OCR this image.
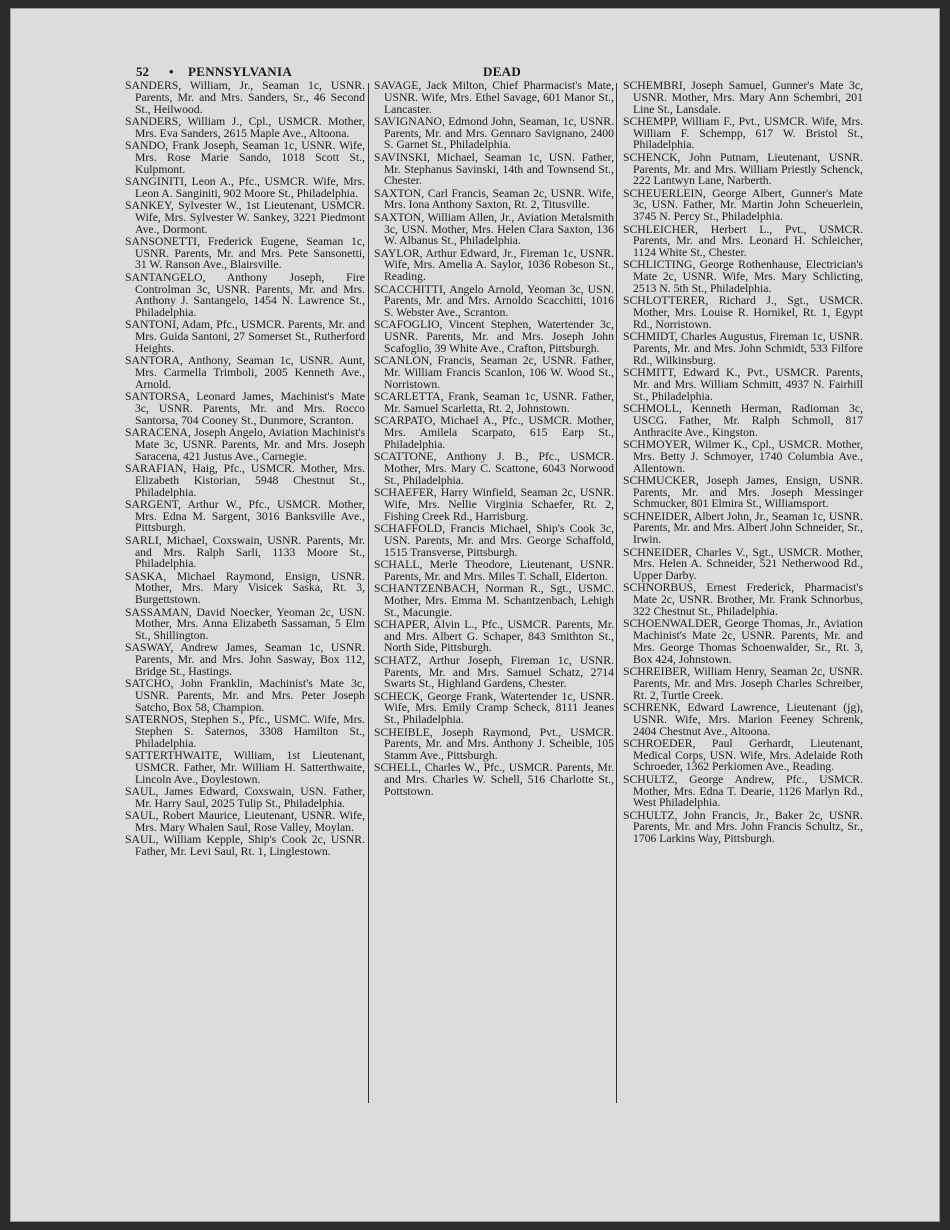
52 • PENNSYLVANIA	DEAD

SANDERS, William, Jr., Seaman 1c, USNR. Parents, Mr. and Mrs. Sanders, Sr., 46 Second St., Heilwood.

SANDERS, William J., Cpl., USMCR. Mother, Mrs. Eva Sanders, 2615 Maple Ave., Altoona.

SANDO, Frank Joseph, Seaman 1c, USNR. Wife, Mrs. Rose Marie Sando, 1018 Scott St., Kulpmont.

SANGINITI, Leon A., Pfc., USMCR. Wife, Mrs. Leon A. Sanginiti, 902 Moore St., Philadelphia.

SANKEY, Sylvester W., 1st Lieutenant, USMCR. Wife, Mrs. Sylvester W. Sankey, 3221 Piedmont Ave., Dormont.

SANSONETTI, Frederick Eugene, Seaman 1c, USNR. Parents, Mr. and Mrs. Pete Sansonetti, 31 W. Ranson Ave., Blairsville.

SANTANGELO, Anthony Joseph, Fire Controlman 3c, USNR. Parents, Mr. and Mrs. Anthony J. Santangelo, 1454 N. Lawrence St., Philadelphia.

SANTONI, Adam, Pfc., USMCR. Parents, Mr. and Mrs. Guida Santoni, 27 Somerset St., Rutherford Heights.

SANTORA, Anthony, Seaman 1c, USNR. Aunt, Mrs. Carmella Trimboli, 2005 Kenneth Ave., Arnold.

SANTORSA, Leonard James, Machinist's Mate 3c, USNR. Parents, Mr. and Mrs. Rocco Santorsa, 704 Cooney St., Dunmore, Scranton.

SARACENA, Joseph Angelo, Aviation Machinist's Mate 3c, USNR. Parents, Mr. and Mrs. Joseph Saracena, 421 Justus Ave., Carnegie.

SARAFIAN, Haig, Pfc., USMCR. Mother, Mrs. Elizabeth Kistorian, 5948 Chestnut St., Philadelphia.

SARGENT, Arthur W., Pfc., USMCR. Mother, Mrs. Edna M. Sargent, 3016 Banksville Ave., Pittsburgh.

SARLI, Michael, Coxswain, USNR. Parents, Mr. and Mrs. Ralph Sarli, 1133 Moore St., Philadelphia.

SASKA, Michael Raymond, Ensign, USNR. Mother, Mrs. Mary Visicek Saska, Rt. 3, Burgettstown.

SASSAMAN, David Noecker, Yeoman 2c, USN. Mother, Mrs. Anna Elizabeth Sassaman, 5 Elm St., Shillington.

SASWAY, Andrew James, Seaman 1c, USNR. Parents, Mr. and Mrs. John Sasway, Box 112, Bridge St., Hastings.

SATCHO, John Franklin, Machinist's Mate 3c, USNR. Parents, Mr. and Mrs. Peter Joseph Satcho, Box 58, Champion.

SATERNOS, Stephen S., Pfc., USMC. Wife, Mrs. Stephen S. Saternos, 3308 Hamilton St., Philadelphia.

SATTERTHWAITE, William, 1st Lieutenant, USMCR. Father, Mr. William H. Satterthwaite, Lincoln Ave., Doylestown.

SAUL, James Edward, Coxswain, USN. Father, Mr. Harry Saul, 2025 Tulip St., Philadelphia.

SAUL, Robert Maurice, Lieutenant, USNR. Wife, Mrs. Mary Whalen Saul, Rose Valley, Moylan.

SAUL, William Kepple, Ship's Cook 2c, USNR. Father, Mr. Levi Saul, Rt. 1, Linglestown.

SAVAGE, Jack Milton, Chief Pharmacist's Mate, USNR. Wife, Mrs. Ethel Savage, 601 Manor St., Lancaster.

SAVIGNANO, Edmond John, Seaman, 1c, USNR. Parents, Mr. and Mrs. Gennaro Savignano, 2400 S. Garnet St., Philadelphia.

SAVINSKI, Michael, Seaman 1c, USN. Father, Mr. Stephanus Savinski, 14th and Townsend St., Chester.

SAXTON, Carl Francis, Seaman 2c, USNR. Wife, Mrs. Iona Anthony Saxton, Rt. 2, Titusville.

SAXTON, William Allen, Jr., Aviation Metalsmith 3c, USN. Mother, Mrs. Helen Clara Saxton, 136 W. Albanus St., Philadelphia.

SAYLOR, Arthur Edward, Jr., Fireman 1c, USNR. Wife, Mrs. Amelia A. Saylor, 1036 Robeson St., Reading.

SCACCHITTI, Angelo Arnold, Yeoman 3c, USN. Parents, Mr. and Mrs. Arnoldo Scacchitti, 1016 S. Webster Ave., Scranton.

SCAFOGLIO, Vincent Stephen, Watertender 3c, USNR. Parents, Mr. and Mrs. Joseph John Scafoglio, 39 White Ave., Crafton, Pittsburgh.

SCANLON, Francis, Seaman 2c, USNR. Father, Mr. William Francis Scanlon, 106 W. Wood St., Norristown.

SCARLETTA, Frank, Seaman 1c, USNR. Father, Mr. Samuel Scarletta, Rt. 2, Johnstown.

SCARPATO, Michael A., Pfc., USMCR. Mother, Mrs. Amilela Scarpato, 615 Earp St., Philadelphia.

SCATTONE, Anthony J. B., Pfc., USMCR. Mother, Mrs. Mary C. Scattone, 6043 Norwood St., Philadelphia.

SCHAEFER, Harry Winfield, Seaman 2c, USNR. Wife, Mrs. Nellie Virginia Schaefer, Rt. 2, Fishing Creek Rd., Harrisburg.

SCHAFFOLD, Francis Michael, Ship's Cook 3c, USN. Parents, Mr. and Mrs. George Schaffold, 1515 Transverse, Pittsburgh.

SCHALL, Merle Theodore, Lieutenant, USNR. Parents, Mr. and Mrs. Miles T. Schall, Elderton.

SCHANTZENBACH, Norman R., Sgt., USMC. Mother, Mrs. Emma M. Schantzenbach, Lehigh St., Macungie.

SCHAPER, Alvin L., Pfc., USMCR. Parents, Mr. and Mrs. Albert G. Schaper, 843 Smithton St., North Side, Pittsburgh.

SCHATZ, Arthur Joseph, Fireman 1c, USNR. Parents, Mr. and Mrs. Samuel Schatz, 2714 Swarts St., Highland Gardens, Chester.

SCHECK, George Frank, Watertender 1c, USNR. Wife, Mrs. Emily Cramp Scheck, 8111 Jeanes St., Philadelphia.

SCHEIBLE, Joseph Raymond, Pvt., USMCR. Parents, Mr. and Mrs. Anthony J. Scheible, 105 Stamm Ave., Pittsburgh.

SCHELL, Charles W., Pfc., USMCR. Parents, Mr. and Mrs. Charles W. Schell, 516 Charlotte St., Pottstown.

SCHEMBRI, Joseph Samuel, Gunner's Mate 3c, USNR. Mother, Mrs. Mary Ann Schembri, 201 Line St., Lansdale.

SCHEMPP, William F., Pvt., USMCR. Wife, Mrs. William F. Schempp, 617 W. Bristol St., Philadelphia.

SCHENCK, John Putnam, Lieutenant, USNR. Parents, Mr. and Mrs. William Priestly Schenck, 222 Lantwyn Lane, Narberth.

SCHEUERLEIN, George Albert, Gunner's Mate 3c, USN. Father, Mr. Martin John Scheuerlein, 3745 N. Percy St., Philadelphia.

SCHLEICHER, Herbert L., Pvt., USMCR. Parents, Mr. and Mrs. Leonard H. Schleicher, 1124 White St., Chester.

SCHLICTING, George Rothenhause, Electrician's Mate 2c, USNR. Wife, Mrs. Mary Schlicting, 2513 N. 5th St., Philadelphia.

SCHLOTTERER, Richard J., Sgt., USMCR. Mother, Mrs. Louise R. Hornikel, Rt. 1, Egypt Rd., Norristown.

SCHMIDT, Charles Augustus, Fireman 1c, USNR. Parents, Mr. and Mrs. John Schmidt, 533 Filfore Rd., Wilkinsburg.

SCHMITT, Edward K., Pvt., USMCR. Parents, Mr. and Mrs. William Schmitt, 4937 N. Fairhill St., Philadelphia.

SCHMOLL, Kenneth Herman, Radioman 3c, USCG. Father, Mr. Ralph Schmoll, 817 Anthracite Ave., Kingston.

SCHMOYER, Wilmer K., Cpl., USMCR. Mother, Mrs. Betty J. Schmoyer, 1740 Columbia Ave., Allentown.

SCHMUCKER, Joseph James, Ensign, USNR. Parents, Mr. and Mrs. Joseph Messinger Schmucker, 801 Elmira St., Williamsport.

SCHNEIDER, Albert John, Jr., Seaman 1c, USNR. Parents, Mr. and Mrs. Albert John Schneider, Sr., Irwin.

SCHNEIDER, Charles V., Sgt., USMCR. Mother, Mrs. Helen A. Schneider, 521 Netherwood Rd., Upper Darby.

SCHNORBUS, Ernest Frederick, Pharmacist's Mate 2c, USNR. Brother, Mr. Frank Schnorbus, 322 Chestnut St., Philadelphia.

SCHOENWALDER, George Thomas, Jr., Aviation Machinist's Mate 2c, USNR. Parents, Mr. and Mrs. George Thomas Schoenwalder, Sr., Rt. 3, Box 424, Johnstown.

SCHREIBER, William Henry, Seaman 2c, USNR. Parents, Mr. and Mrs. Joseph Charles Schreiber, Rt. 2, Turtle Creek.

SCHRENK, Edward Lawrence, Lieutenant (jg), USNR. Wife, Mrs. Marion Feeney Schrenk, 2404 Chestnut Ave., Altoona.

SCHROEDER, Paul Gerhardt, Lieutenant, Medical Corps, USN. Wife, Mrs. Adelaide Roth Schroeder, 1362 Perkiomen Ave., Reading.

SCHULTZ, George Andrew, Pfc., USMCR. Mother, Mrs. Edna T. Dearie, 1126 Marlyn Rd., West Philadelphia.

SCHULTZ, John Francis, Jr., Baker 2c, USNR. Parents, Mr. and Mrs. John Francis Schultz, Sr., 1706 Larkins Way, Pittsburgh.
